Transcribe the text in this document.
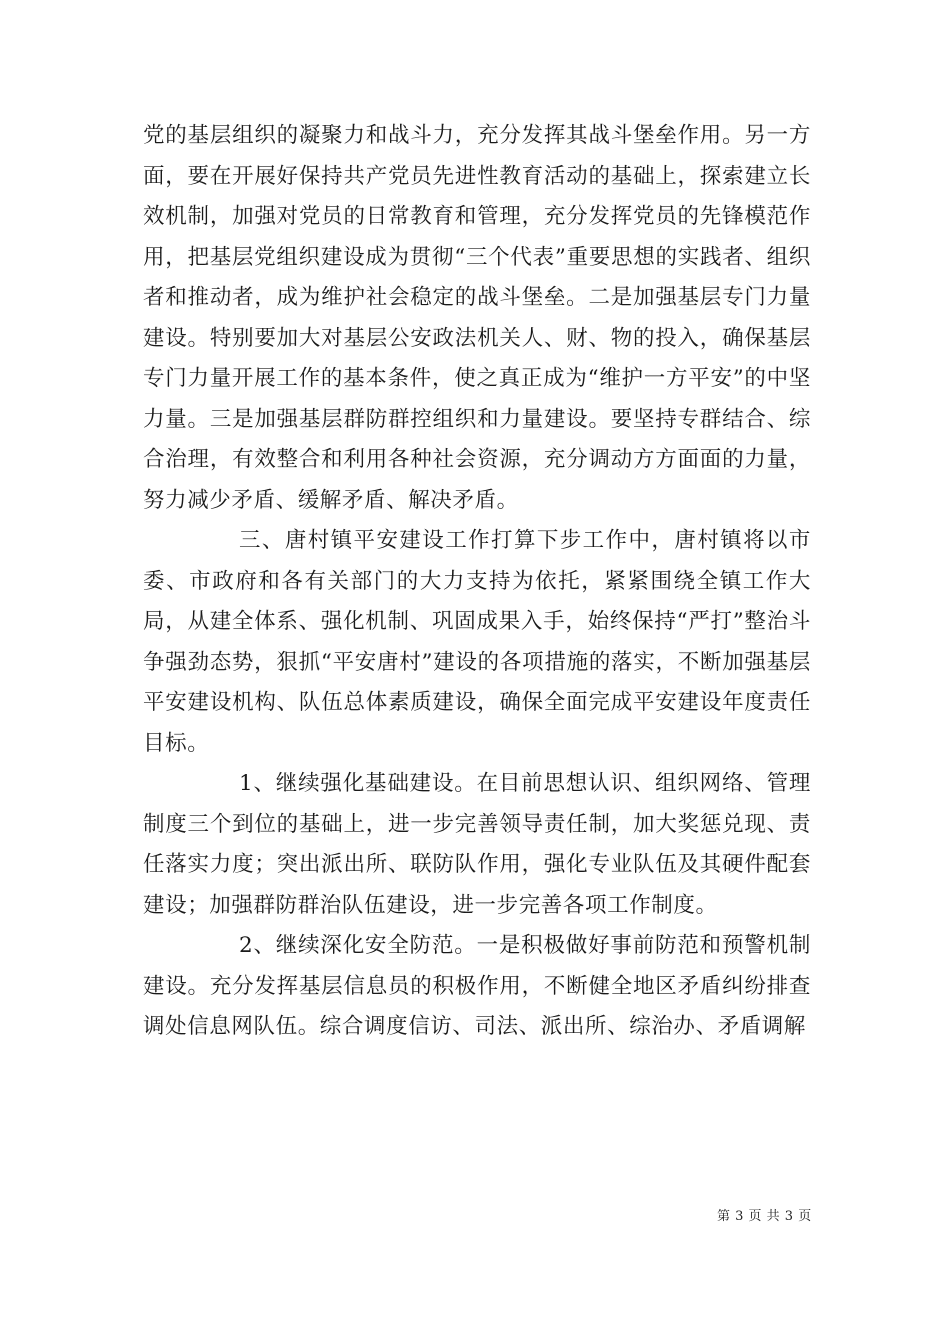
党的基层组织的凝聚力和战斗力，充分发挥其战斗堡垒作用。另一方面，要在开展好保持共产党员先进性教育活动的基础上，探索建立长效机制，加强对党员的日常教育和管理，充分发挥党员的先锋模范作用，把基层党组织建设成为贯彻“三个代表”重要思想的实践者、组织者和推动者，成为维护社会稳定的战斗堡垒。二是加强基层专门力量建设。特别要加大对基层公安政法机关人、财、物的投入，确保基层专门力量开展工作的基本条件，使之真正成为“维护一方平安”的中坚力量。三是加强基层群防群控组织和力量建设。要坚持专群结合、综合治理，有效整合和利用各种社会资源，充分调动方方面面的力量，努力减少矛盾、缓解矛盾、解决矛盾。

三、唐村镇平安建设工作打算下步工作中，唐村镇将以市委、市政府和各有关部门的大力支持为依托，紧紧围绕全镇工作大局，从建全体系、强化机制、巩固成果入手，始终保持“严打”整治斗争强劲态势，狠抓“平安唐村”建设的各项措施的落实，不断加强基层平安建设机构、队伍总体素质建设，确保全面完成平安建设年度责任目标。

1、继续强化基础建设。在目前思想认识、组织网络、管理制度三个到位的基础上，进一步完善领导责任制，加大奖惩兑现、责任落实力度；突出派出所、联防队作用，强化专业队伍及其硬件配套建设；加强群防群治队伍建设，进一步完善各项工作制度。

2、继续深化安全防范。一是积极做好事前防范和预警机制建设。充分发挥基层信息员的积极作用，不断健全地区矛盾纠纷排查调处信息网队伍。综合调度信访、司法、派出所、综治办、矛盾调解

第 3 页 共 3 页
